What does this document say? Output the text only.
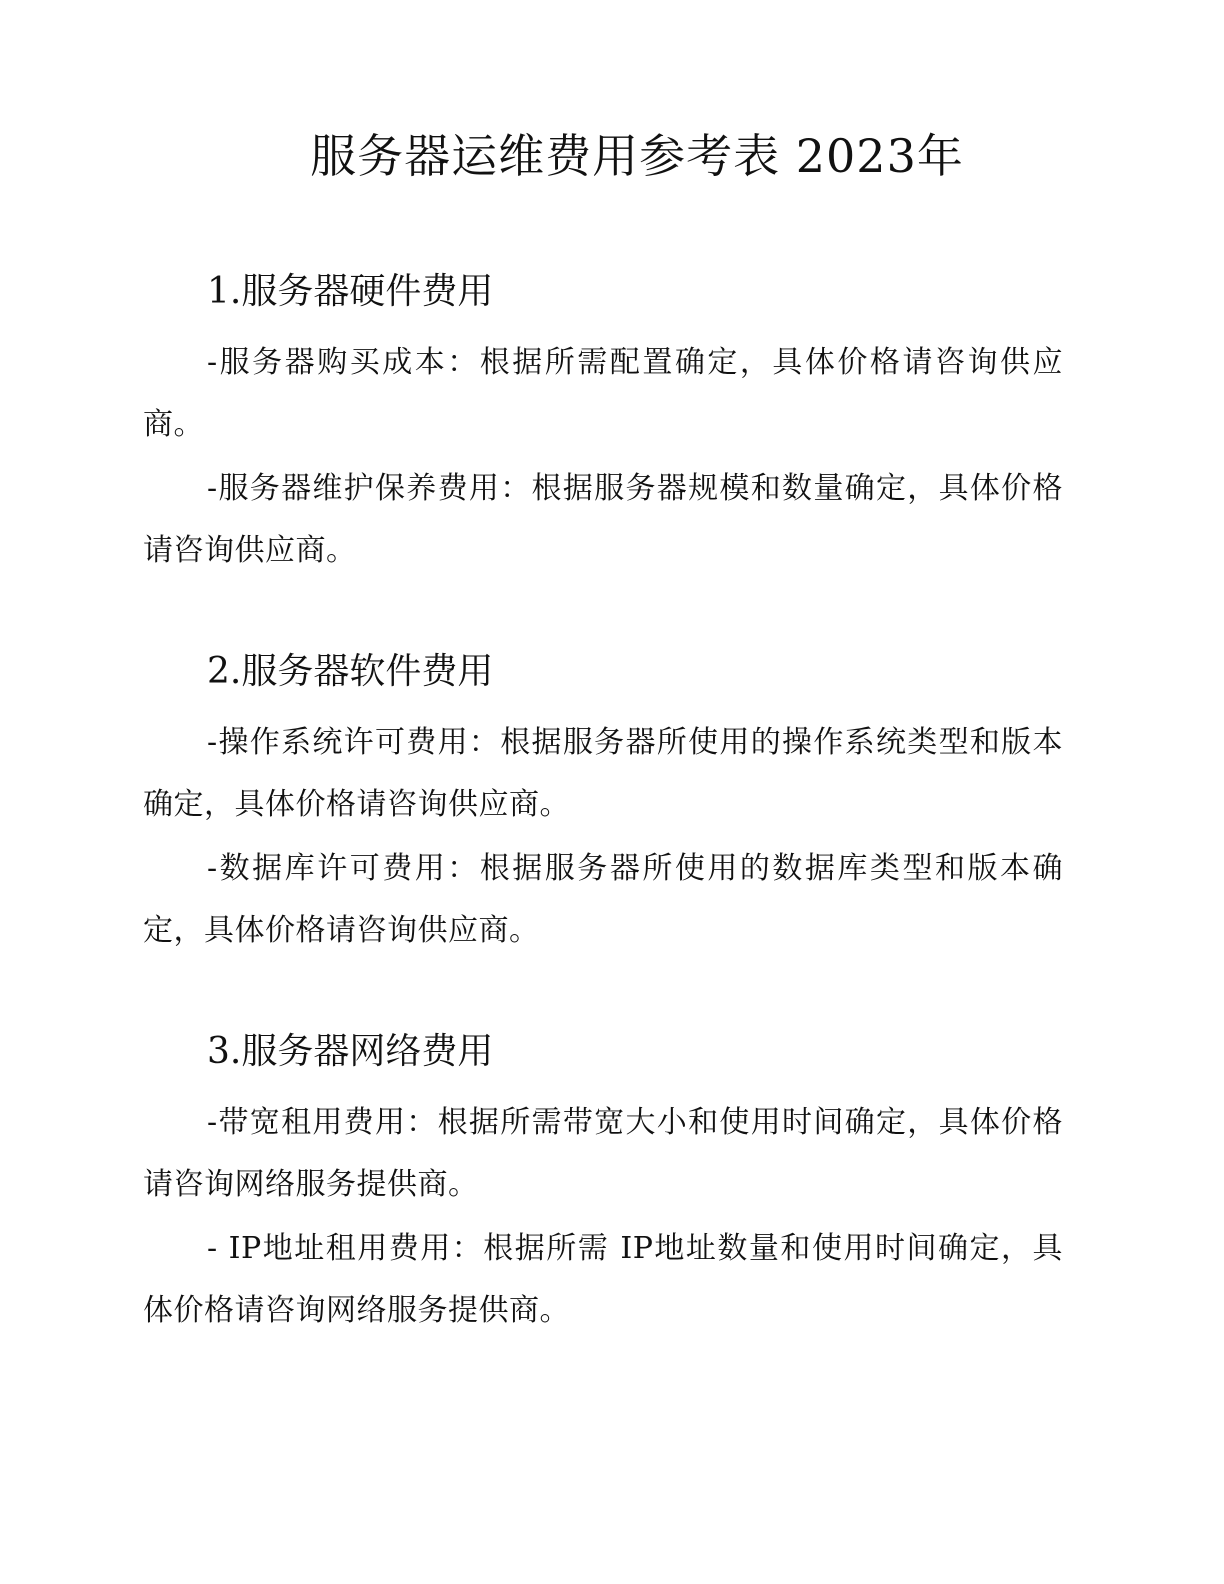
服务器运维费用参考表 2023年
1.服务器硬件费用

-服务器购买成本：根据所需配置确定，具体价格请咨询供应商。

-服务器维护保养费用：根据服务器规模和数量确定，具体价格请咨询供应商。

2.服务器软件费用

-操作系统许可费用：根据服务器所使用的操作系统类型和版本确定，具体价格请咨询供应商。

-数据库许可费用：根据服务器所使用的数据库类型和版本确定，具体价格请咨询供应商。

3.服务器网络费用

-带宽租用费用：根据所需带宽大小和使用时间确定，具体价格请咨询网络服务提供商。

- IP地址租用费用：根据所需 IP地址数量和使用时间确定，具体价格请咨询网络服务提供商。
